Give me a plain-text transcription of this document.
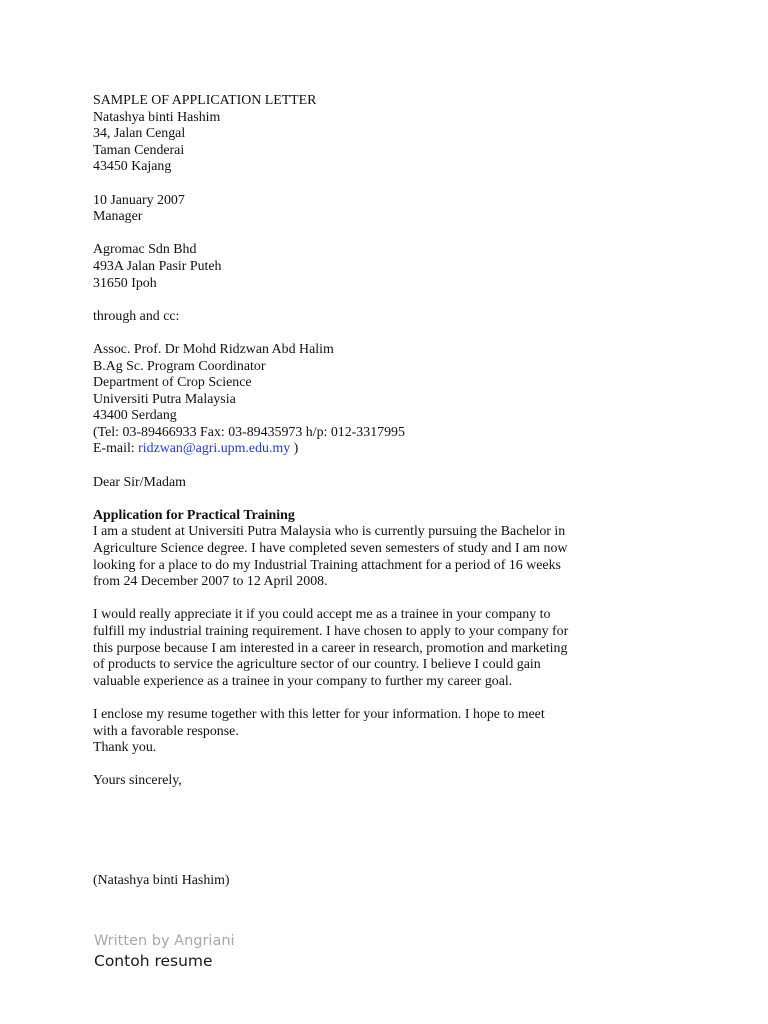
SAMPLE OF APPLICATION LETTER
Natashya binti Hashim
34, Jalan Cengal
Taman Cenderai
43450 Kajang
10 January 2007
Manager
Agromac Sdn Bhd
493A Jalan Pasir Puteh
31650 Ipoh
through and cc:
Assoc. Prof. Dr Mohd Ridzwan Abd Halim
B.Ag Sc. Program Coordinator
Department of Crop Science
Universiti Putra Malaysia
43400 Serdang
(Tel: 03-89466933 Fax: 03-89435973 h/p: 012-3317995
E-mail: ridzwan@agri.upm.edu.my )
Dear Sir/Madam
Application for Practical Training
I am a student at Universiti Putra Malaysia who is currently pursuing the Bachelor in
Agriculture Science degree. I have completed seven semesters of study and I am now
looking for a place to do my Industrial Training attachment for a period of 16 weeks
from 24 December 2007 to 12 April 2008.
I would really appreciate it if you could accept me as a trainee in your company to
fulfill my industrial training requirement. I have chosen to apply to your company for
this purpose because I am interested in a career in research, promotion and marketing
of products to service the agriculture sector of our country. I believe I could gain
valuable experience as a trainee in your company to further my career goal.
I enclose my resume together with this letter for your information. I hope to meet
with a favorable response.
Thank you.
Yours sincerely,
(Natashya binti Hashim)
Written by Angriani
Contoh resume
